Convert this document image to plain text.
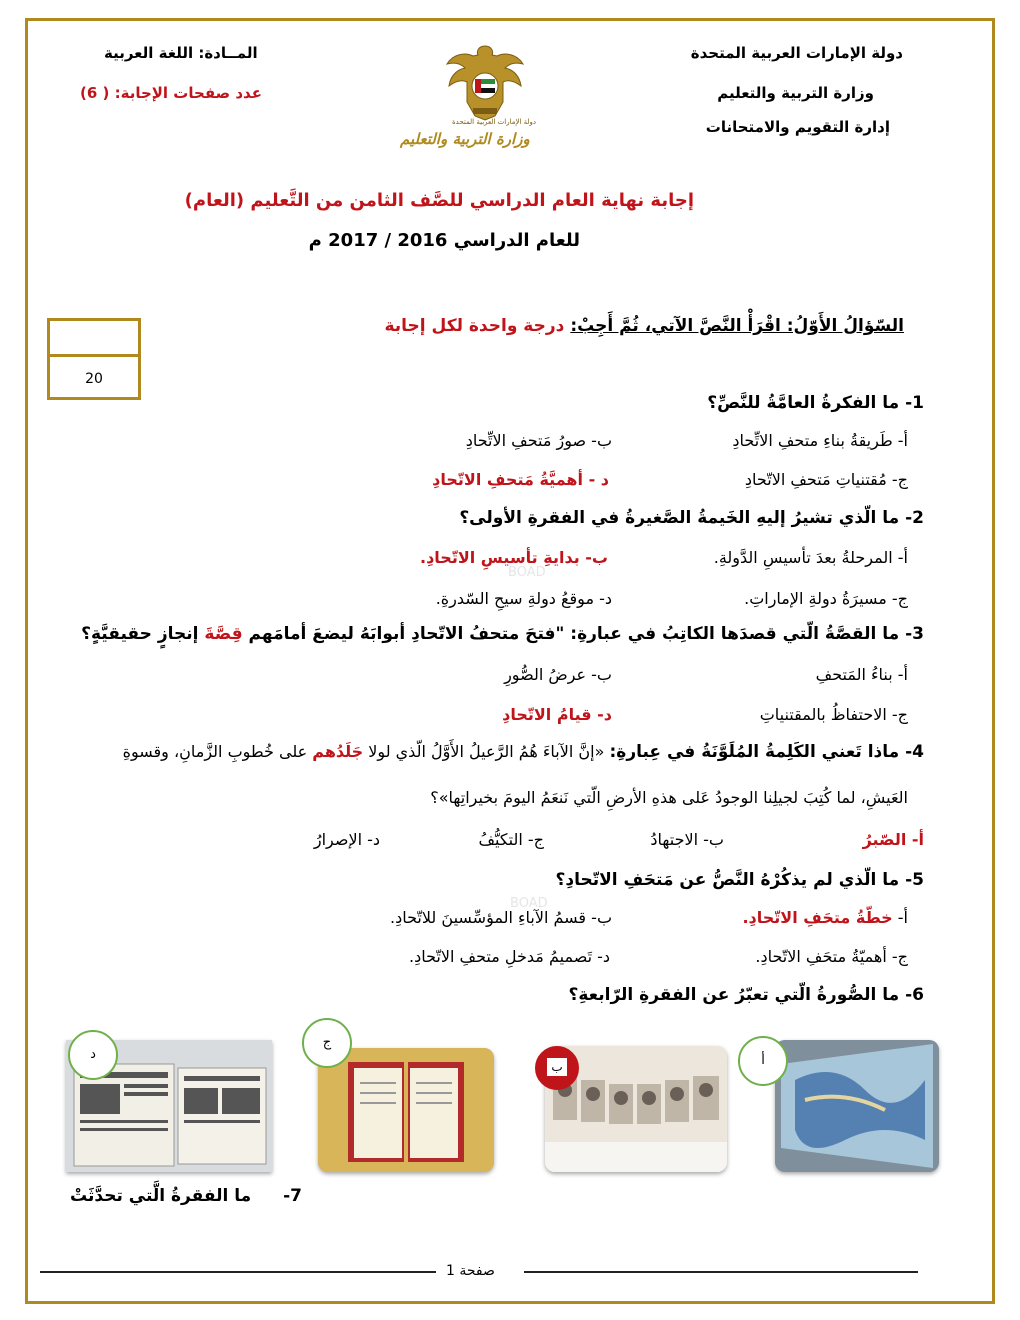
دولة الإمارات العربية المتحدة
وزارة التربية والتعليم
إدارة التقويم والامتحانات
المــادة: اللغة العربية
عدد صفحات الإجابة: ( 6)
دولة الإمارات العربية المتحدة
وزارة التربية والتعليم
إجابة نهاية العام الدراسي للصَّف الثامن من التَّعليم (العام)
للعام الدراسي 2016 / 2017 م
السّؤالُ الأَوّلُ: اقْرَأْ النَّصَّ الآتي، ثُمَّ أَجِبْ: درجة واحدة لكل إجابة
20
1- ما الفكرةُ العامَّةُ للنَّصِّ؟
أ- طَريقةُ بناءِ متحفِ الاتِّحادِ
ب- صورُ مَتحفِ الاتِّحادِ
ج- مُقتنياتِ مَتحفِ الاتّحادِ
د - أهميَّةُ مَتحفِ الاتّحادِ
2- ما الّذي تشيرُ إليهِ الخَيمةُ الصَّغيرةُ في الفقرةِ الأولى؟
أ- المرحلةُ بعدَ تأسيسِ الدَّولةِ.
ب- بدايةِ تأسيسِ الاتّحادِ.
ج- مسيرَةُ دولةِ الإماراتِ.
د- موقعُ دولةِ سيحِ السّدرةِ.
3- ما القصَّةُ الّتي قصدَها الكاتِبُ في عبارةِ: "فتحَ متحفُ الاتّحادِ أبوابَهُ ليضعَ أمامَهم قِصَّةَ إنجازٍ حقيقيَّةٍ؟
أ- بناءُ المَتحفِ
ب- عرضُ الصُّورِ
ج- الاحتفاظُ بالمقتنياتِ
د- قيامُ الاتّحادِ
4- ماذا تَعني الكَلِمةُ المُلَوَّنَةُ في عِبارةِ: «إنَّ الآباءَ هُمُ الرَّعيلُ الأَوَّلُ الّذي لولا جَلَدُهم على خُطوبِ الزَّمانِ، وقسوةِ
العَيشِ، لما كُتِبَ لجيلِنا الوجودُ عَلى هذهِ الأرضِ الّتي نَنعَمُ اليومَ بخيراتِها»؟
أ- الصّبرُ
ب- الاجتهادُ
ج- التكيُّفُ
د- الإصرارُ
5- ما الّذي لم يذكُرْهُ النَّصُّ عن مَتحَفِ الاتّحادِ؟
أ- خطّةُ متحَفِ الاتّحادِ.
ب- قسمُ الآباءِ المؤسِّسينَ للاتّحادِ.
ج- أهميّةُ متحَفِ الاتّحادِ.
د- تَصميمُ مَدخلِ متحفِ الاتّحادِ.
6- ما الصُّورةُ الّتي تعبّرُ عن الفقرةِ الرّابعةِ؟
د
ج
ب	أ
7-
ما الفقرةُ الَّتي تحدَّثَتْ
BOAD
BOAD
صفحة 1
